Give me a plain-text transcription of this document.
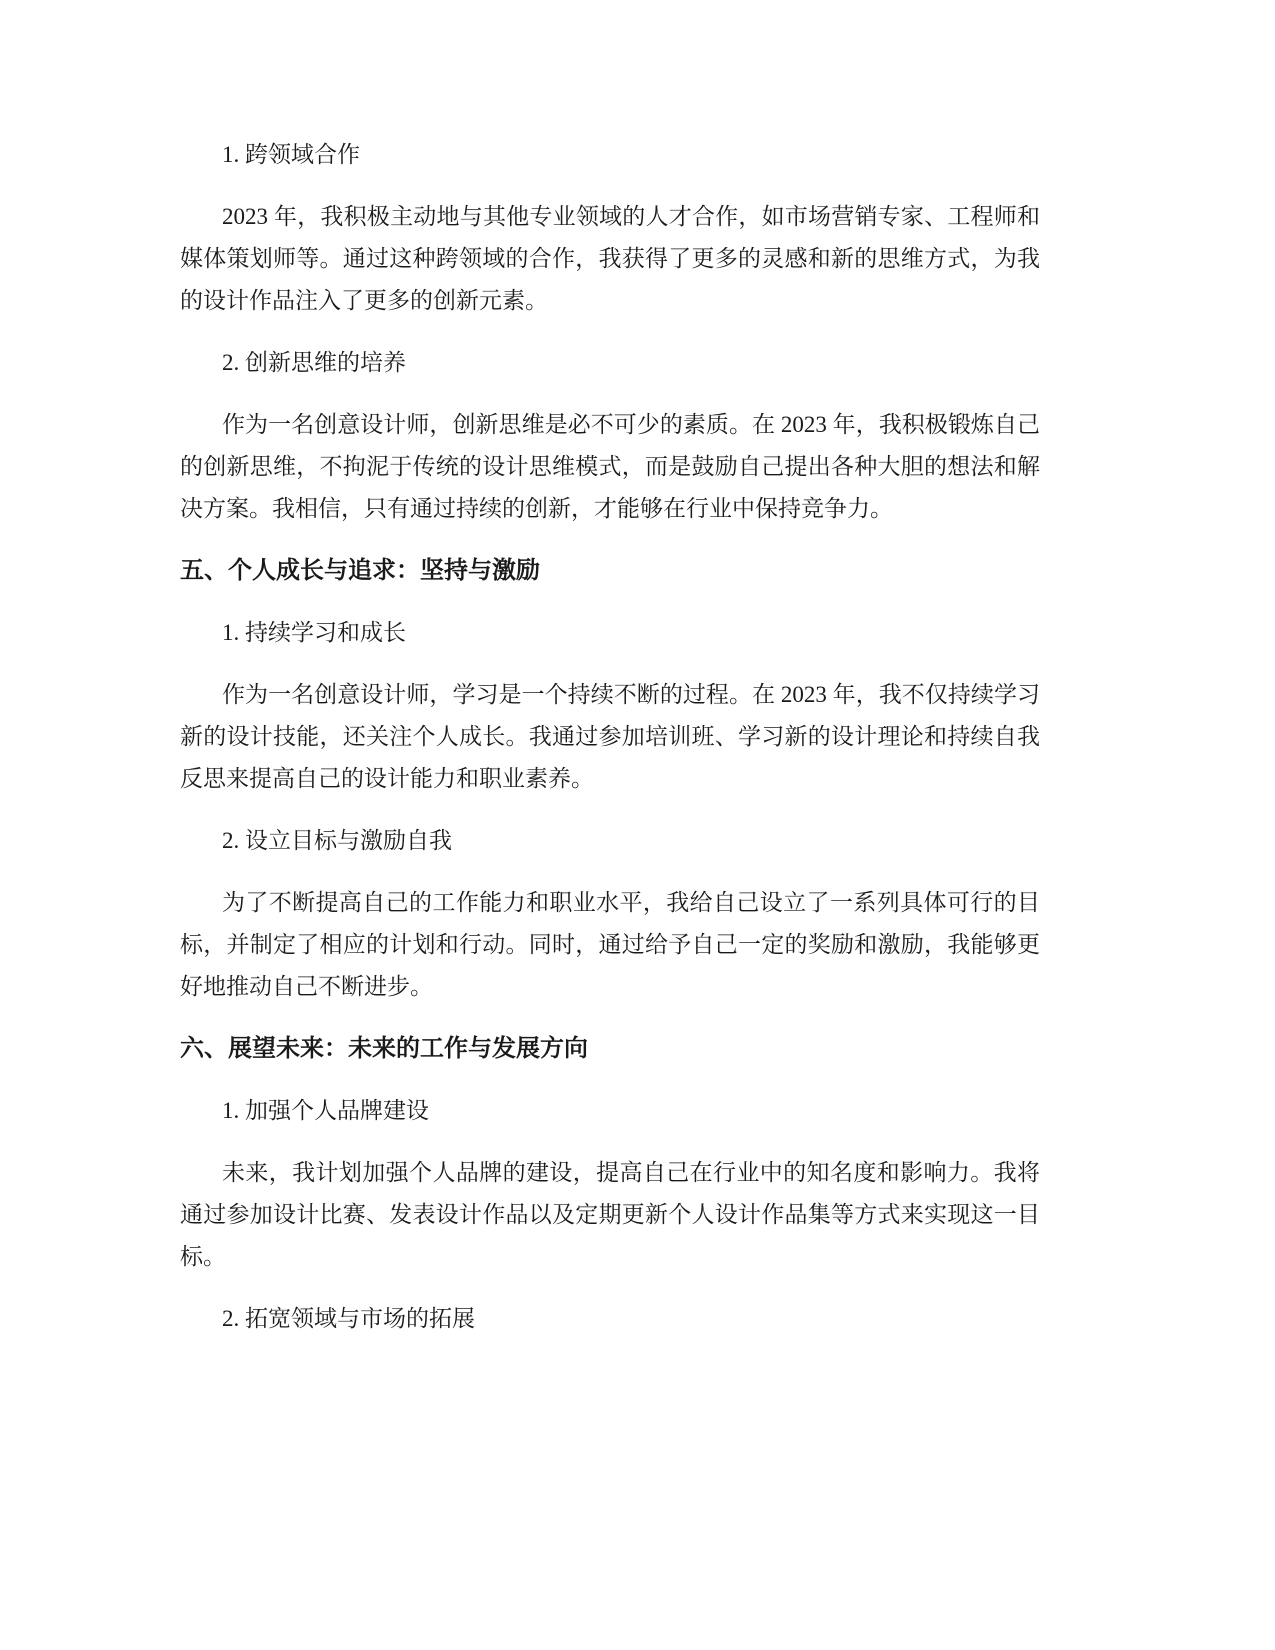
1. 跨领域合作

2023 年，我积极主动地与其他专业领域的人才合作，如市场营销专家、工程师和媒体策划师等。通过这种跨领域的合作，我获得了更多的灵感和新的思维方式，为我的设计作品注入了更多的创新元素。

2. 创新思维的培养

作为一名创意设计师，创新思维是必不可少的素质。在 2023 年，我积极锻炼自己的创新思维，不拘泥于传统的设计思维模式，而是鼓励自己提出各种大胆的想法和解决方案。我相信，只有通过持续的创新，才能够在行业中保持竞争力。

五、个人成长与追求：坚持与激励

1. 持续学习和成长

作为一名创意设计师，学习是一个持续不断的过程。在 2023 年，我不仅持续学习新的设计技能，还关注个人成长。我通过参加培训班、学习新的设计理论和持续自我反思来提高自己的设计能力和职业素养。

2. 设立目标与激励自我

为了不断提高自己的工作能力和职业水平，我给自己设立了一系列具体可行的目标，并制定了相应的计划和行动。同时，通过给予自己一定的奖励和激励，我能够更好地推动自己不断进步。

六、展望未来：未来的工作与发展方向

1. 加强个人品牌建设

未来，我计划加强个人品牌的建设，提高自己在行业中的知名度和影响力。我将通过参加设计比赛、发表设计作品以及定期更新个人设计作品集等方式来实现这一目标。

2. 拓宽领域与市场的拓展
